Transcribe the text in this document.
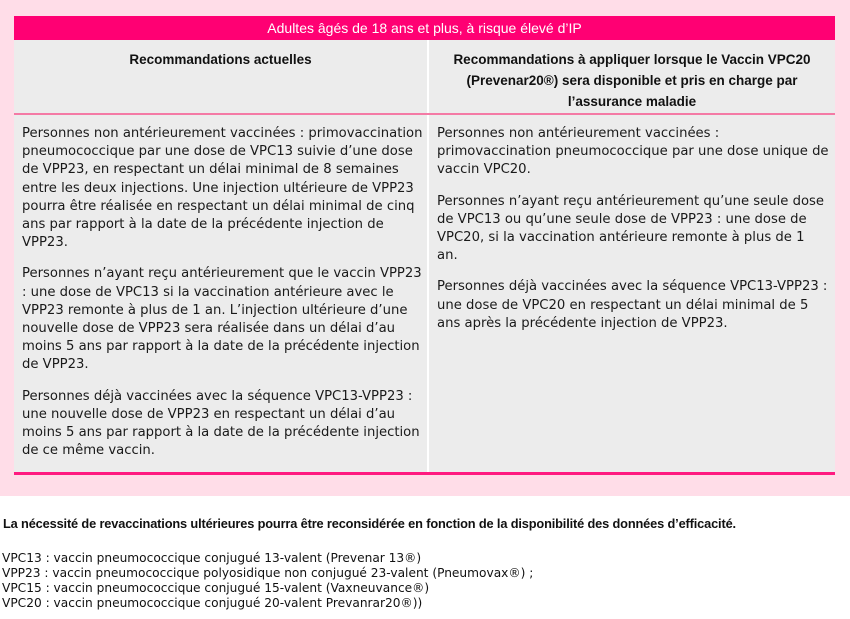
Adultes âgés de 18 ans et plus, à risque élevé d’IP
Recommandations actuelles	Recommandations à appliquer lorsque le Vaccin VPC20 (Prevenar20®) sera disponible et pris en charge par l’assurance maladie

Personnes non antérieurement vaccinées : primovaccination pneumococcique par une dose de VPC13 suivie d’une dose de VPP23, en respectant un délai minimal de 8 semaines entre les deux injections. Une injection ultérieure de VPP23 pourra être réalisée en respectant un délai minimal de cinq ans par rapport à la date de la précédente injection de VPP23.

Personnes n’ayant reçu antérieurement que le vaccin VPP23 : une dose de VPC13 si la vaccination antérieure avec le VPP23 remonte à plus de 1 an. L’injection ultérieure d’une nouvelle dose de VPP23 sera réalisée dans un délai d’au moins 5 ans par rapport à la date de la précédente injection de VPP23.

Personnes déjà vaccinées avec la séquence VPC13-VPP23 : une nouvelle dose de VPP23 en respectant un délai d’au moins 5 ans par rapport à la date de la précédente injection de ce même vaccin.

Personnes non antérieurement vaccinées : primovaccination pneumococcique par une dose unique de vaccin VPC20.

Personnes n’ayant reçu antérieurement qu’une seule dose de VPC13 ou qu’une seule dose de VPP23 : une dose de VPC20, si la vaccination antérieure remonte à plus de 1 an.

Personnes déjà vaccinées avec la séquence VPC13-VPP23 : une dose de VPC20 en respectant un délai minimal de 5 ans après la précédente injection de VPP23.

La nécessité de revaccinations ultérieures pourra être reconsidérée en fonction de la disponibilité des données d’efficacité.
VPC13 : vaccin pneumococcique conjugué 13-valent (Prevenar 13®)
VPP23 : vaccin pneumococcique polyosidique non conjugué 23-valent (Pneumovax®) ;
VPC15 : vaccin pneumococcique conjugué 15-valent (Vaxneuvance®)
VPC20 : vaccin pneumococcique conjugué 20-valent Prevanrar20®))
